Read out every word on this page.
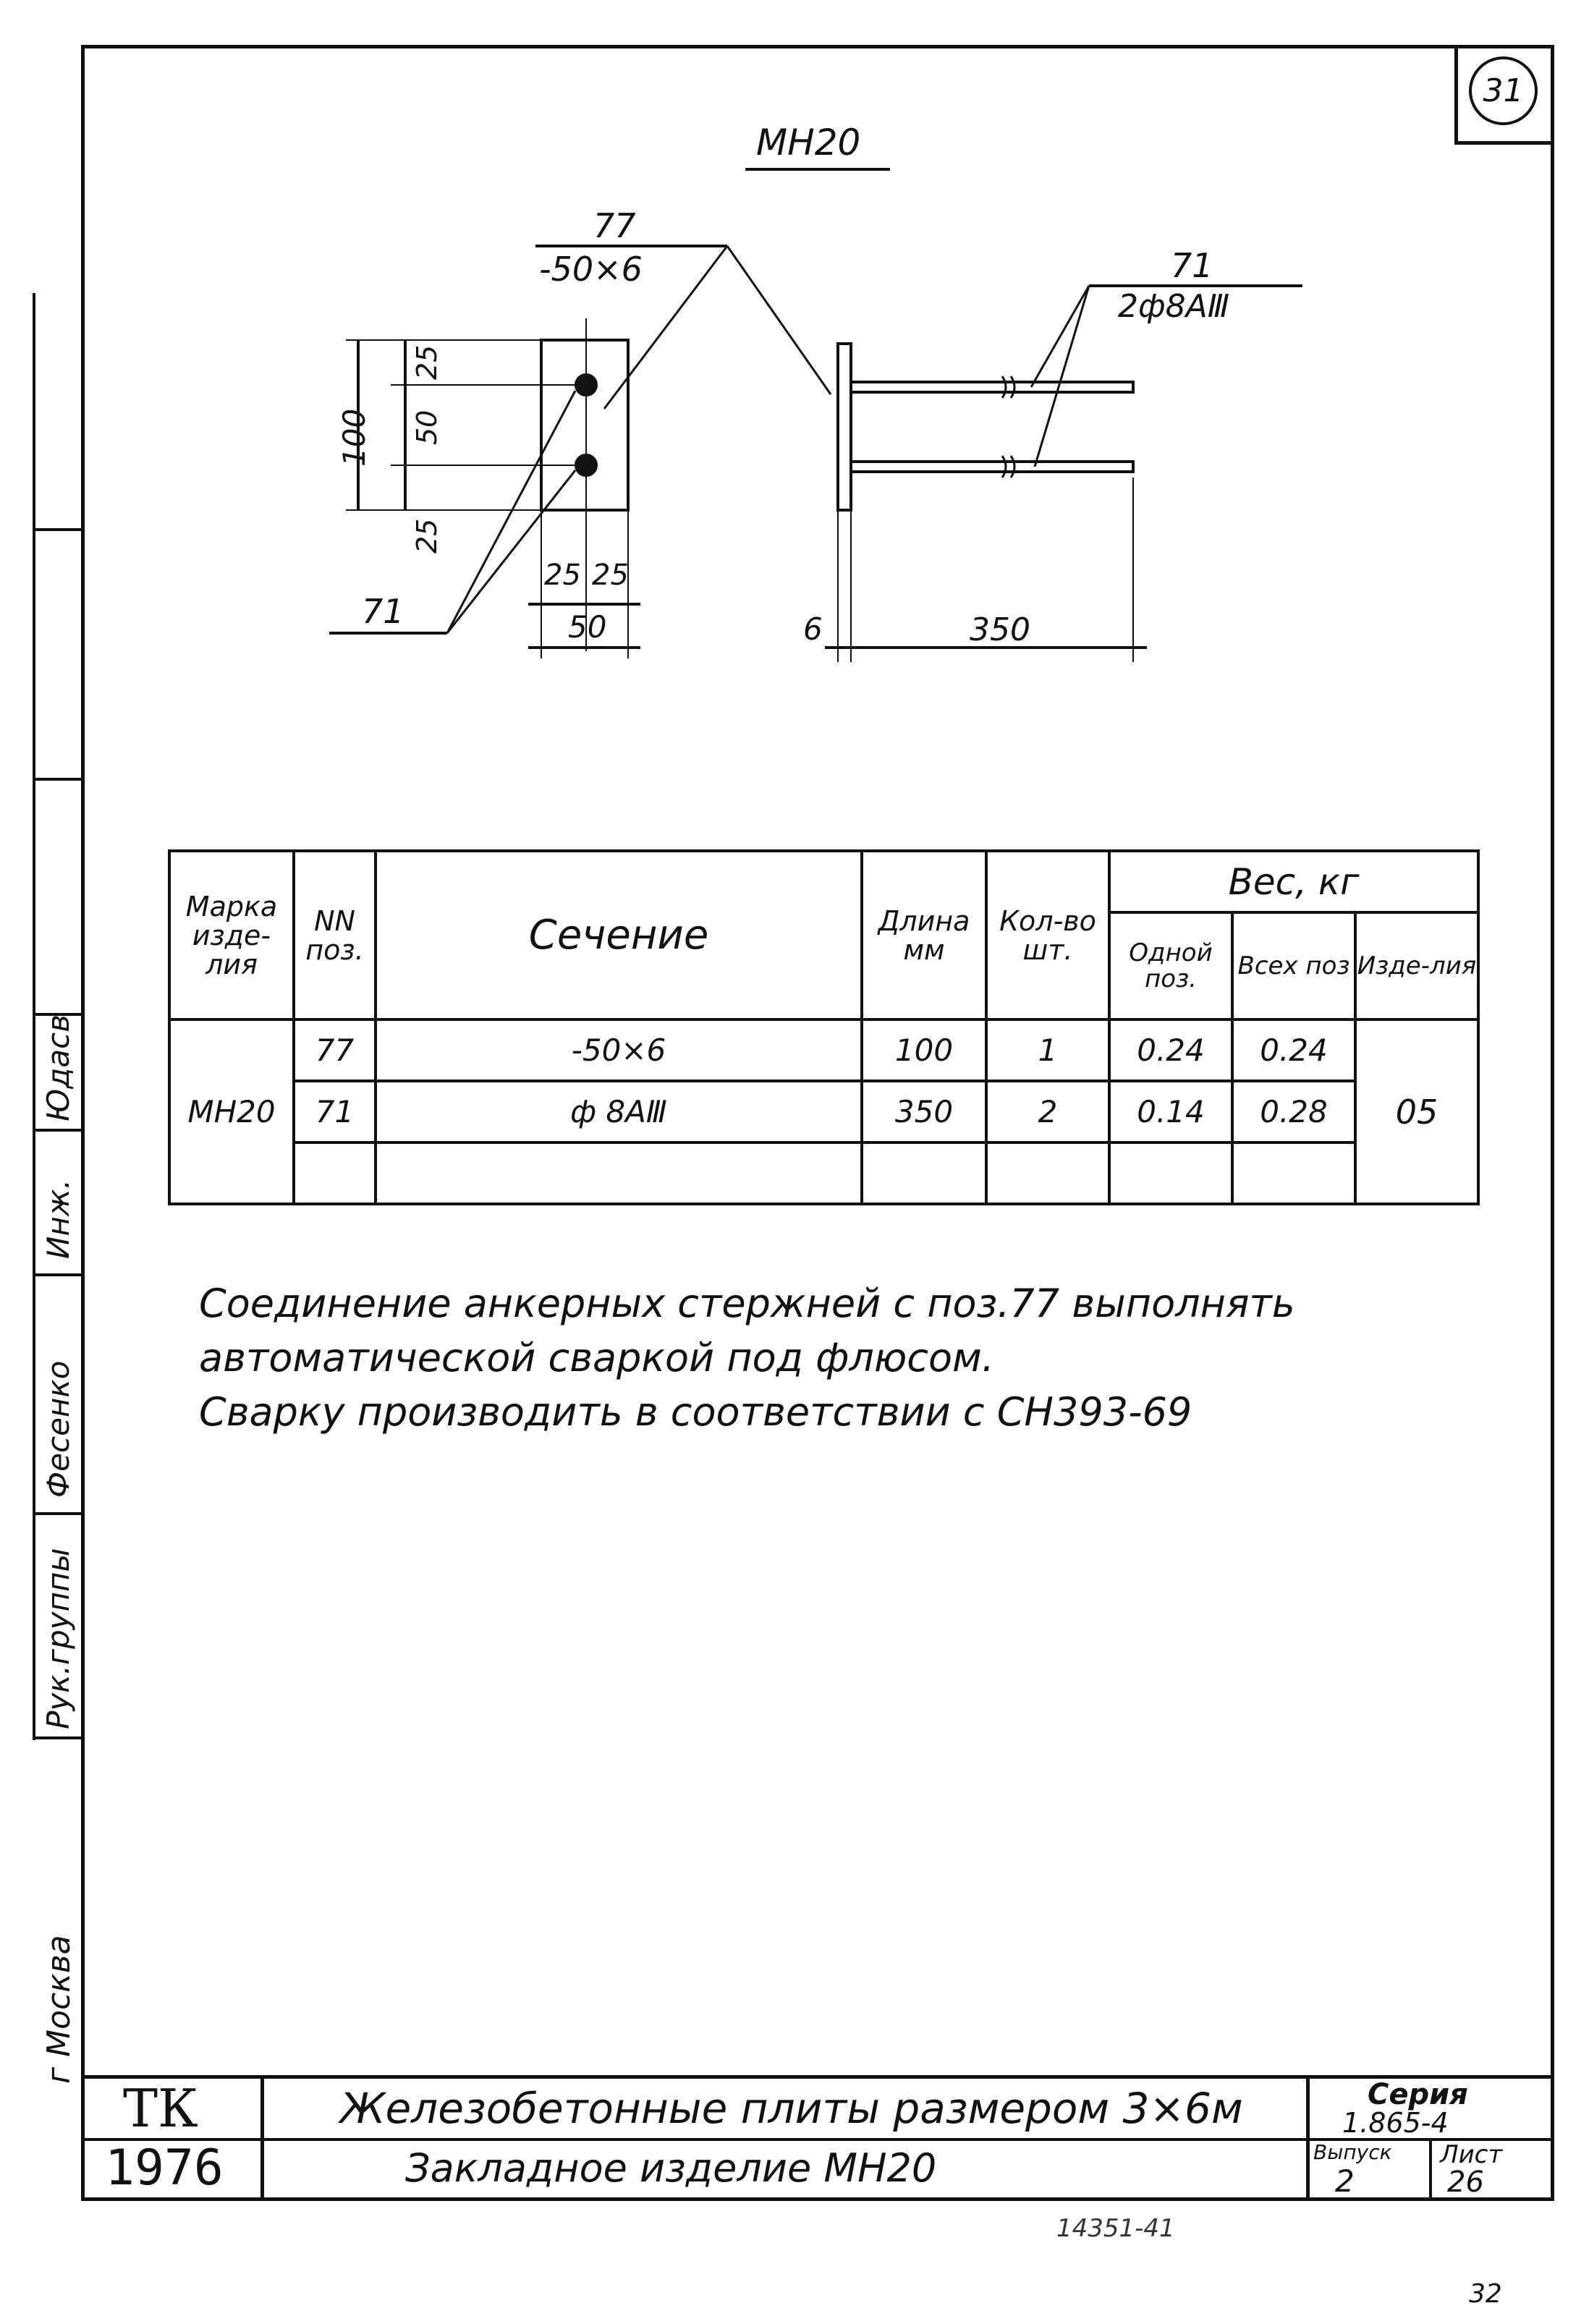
31
Юдасв
Инж.
Фесенко
Рук.группы
г Москва
МН20
77
-50×6	71
2ф8АⅢ
71
100
25
50
25
25 25
50	6	350
Марка изде-лия	NN поз.	Сечение	Длина мм	Кол-во шт.	Вес, кг		
					Одной поз.	Всех поз	Изде-лия
МН20	77	-50×6	100	1	0.24	0.24	05
	71	ф 8АⅢ	350	2	0.14	0.28	

Соединение анкерных стержней с поз.77 выполнять
автоматической сваркой под флюсом.
Сварку производить в соответствии с СН393-69
ТК
1976
Железобетонные плиты размером 3×6м
Закладное изделие МН20
Серия
1.865-4
Выпуск
2
Лист
26
14351-41
32
